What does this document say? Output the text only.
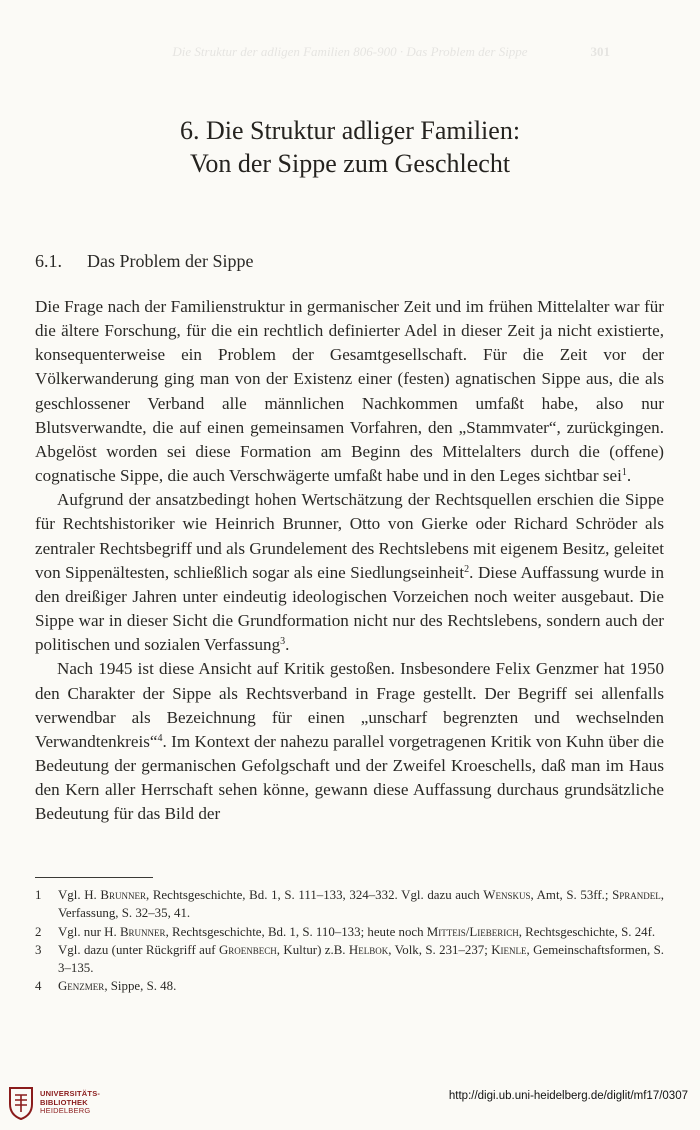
Die Struktur der adligen Familien 806-900 · Das Problem der Sippe	301
6. Die Struktur adliger Familien:
Von der Sippe zum Geschlecht
6.1. Das Problem der Sippe

Die Frage nach der Familienstruktur in germanischer Zeit und im frühen Mittelalter war für die ältere Forschung, für die ein rechtlich definierter Adel in dieser Zeit ja nicht existierte, konsequenterweise ein Problem der Gesamtgesellschaft. Für die Zeit vor der Völkerwanderung ging man von der Existenz einer (festen) agnatischen Sippe aus, die als geschlossener Verband alle männlichen Nachkommen umfaßt habe, also nur Blutsverwandte, die auf einen gemeinsamen Vorfahren, den „Stammvater“, zurückgingen. Abgelöst worden sei diese Formation am Beginn des Mittelalters durch die (offene) cognatische Sippe, die auch Verschwägerte umfaßt habe und in den Leges sichtbar sei$^1$.

Aufgrund der ansatzbedingt hohen Wertschätzung der Rechtsquellen erschien die Sippe für Rechtshistoriker wie Heinrich Brunner, Otto von Gierke oder Richard Schröder als zentraler Rechtsbegriff und als Grundelement des Rechtslebens mit eigenem Besitz, geleitet von Sippenältesten, schließlich sogar als eine Siedlungseinheit$^2$. Diese Auffassung wurde in den dreißiger Jahren unter eindeutig ideologischen Vorzeichen noch weiter ausgebaut. Die Sippe war in dieser Sicht die Grundformation nicht nur des Rechtslebens, sondern auch der politischen und sozialen Verfassung$^3$.

Nach 1945 ist diese Ansicht auf Kritik gestoßen. Insbesondere Felix Genzmer hat 1950 den Charakter der Sippe als Rechtsverband in Frage gestellt. Der Begriff sei allenfalls verwendbar als Bezeichnung für einen „unscharf begrenzten und wechselnden Verwandtenkreis“$^4$. Im Kontext der nahezu parallel vorgetragenen Kritik von Kuhn über die Bedeutung der germanischen Gefolgschaft und der Zweifel Kroeschells, daß man im Haus den Kern aller Herrschaft sehen könne, gewann diese Auffassung durchaus grundsätzliche Bedeutung für das Bild der

1	Vgl. H. Brunner, Rechtsgeschichte, Bd. 1, S. 111–133, 324–332. Vgl. dazu auch Wenskus, Amt, S. 53ff.; Sprandel, Verfassung, S. 32–35, 41.
2	Vgl. nur H. Brunner, Rechtsgeschichte, Bd. 1, S. 110–133; heute noch Mitteis/Lieberich, Rechtsgeschichte, S. 24f.
3	Vgl. dazu (unter Rückgriff auf Groenbech, Kultur) z.B. Helbok, Volk, S. 231–237; Kienle, Gemeinschaftsformen, S. 3–135.
4	Genzmer, Sippe, S. 48.
UNIVERSITÄTS-
BIBLIOTHEK
HEIDELBERG
http://digi.ub.uni-heidelberg.de/diglit/mf17/0307
